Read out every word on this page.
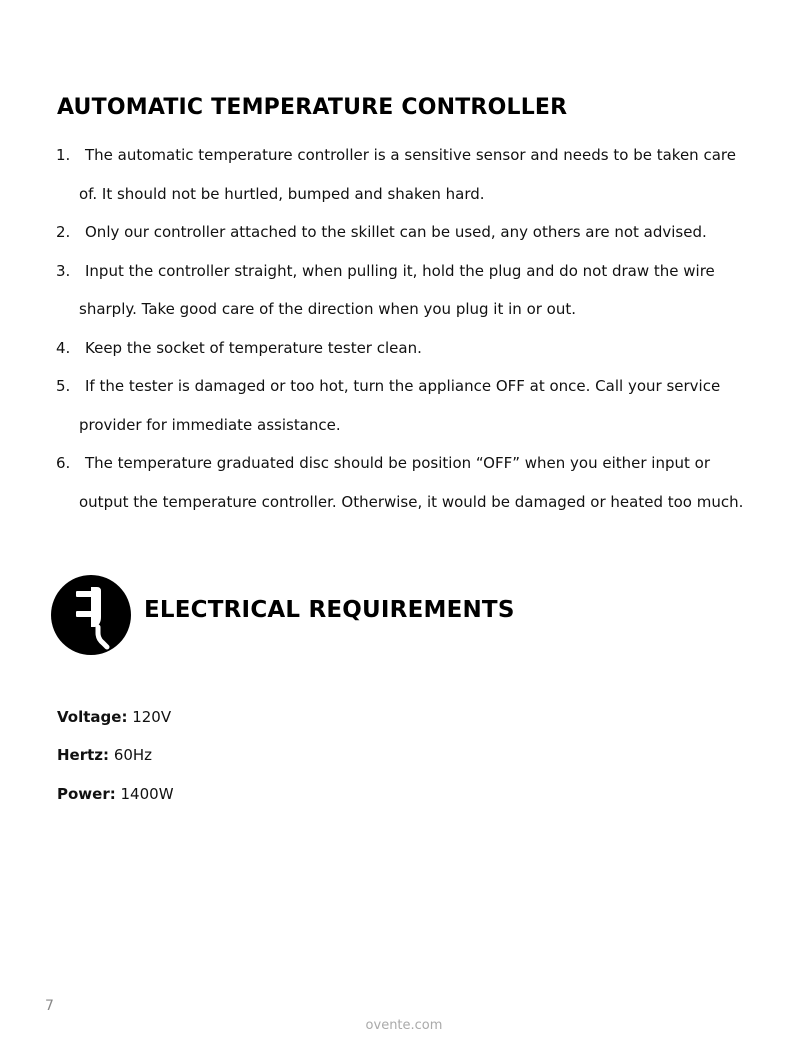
AUTOMATIC TEMPERATURE CONTROLLER
1. The automatic temperature controller is a sensitive sensor and needs to be taken care of. It should not be hurtled, bumped and shaken hard.
2. Only our controller attached to the skillet can be used, any others are not advised.
3. Input the controller straight, when pulling it, hold the plug and do not draw the wire sharply. Take good care of the direction when you plug it in or out.
4. Keep the socket of temperature tester clean.
5. If the tester is damaged or too hot, turn the appliance OFF at once. Call your service provider for immediate assistance.
6. The temperature graduated disc should be position “OFF” when you either input or output the temperature controller. Otherwise, it would be damaged or heated too much.
ELECTRICAL REQUIREMENTS

Voltage: 120V

Hertz: 60Hz

Power: 1400W

7
ovente.com
